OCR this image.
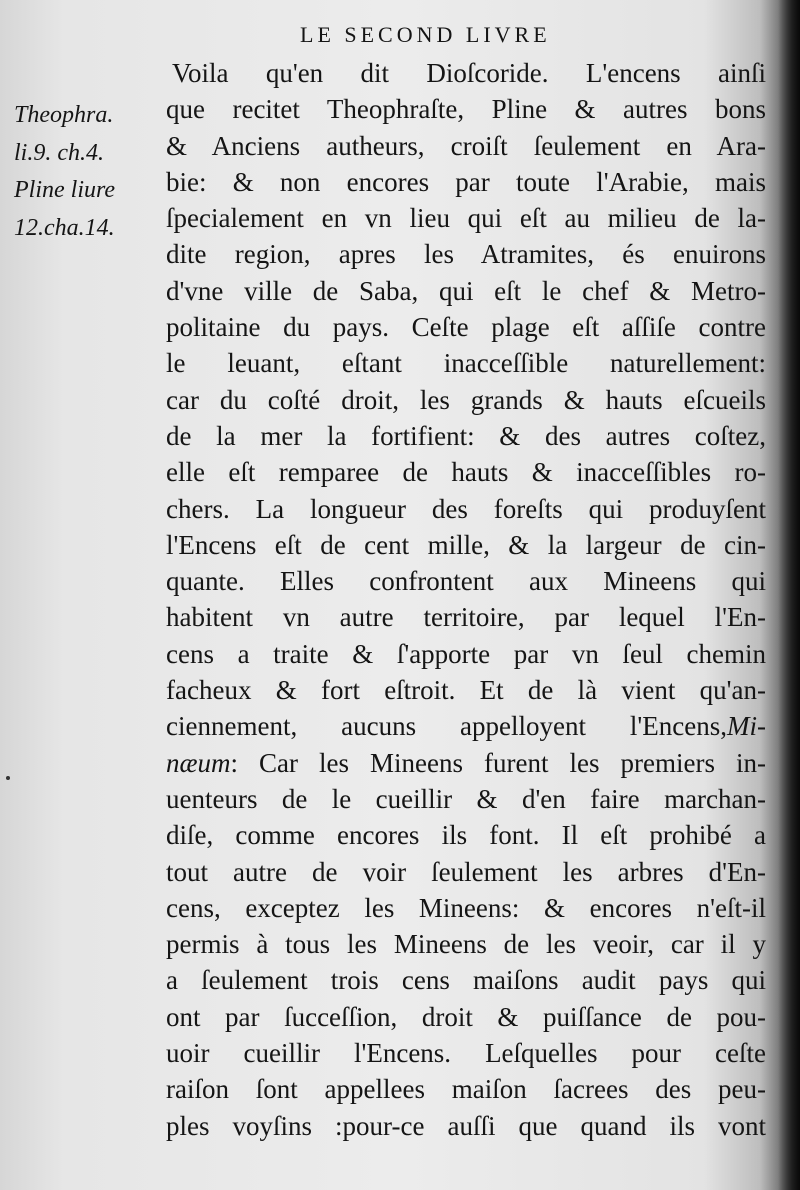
LE SECOND LIVRE
Theophra.
li.9. ch.4.
Pline liure
12.cha.14.
Voila qu'en dit Dioſcoride. L'encens ainſi
que recitet Theophraſte, Pline & autres bons
& Anciens autheurs, croiſt ſeulement en Ara-
bie: & non encores par toute l'Arabie, mais
ſpecialement en vn lieu qui eſt au milieu de la-
dite region, apres les Atramites, és enuirons
d'vne ville de Saba, qui eſt le chef & Metro-
politaine du pays. Ceſte plage eſt aſſiſe contre
le leuant, eſtant inacceſſible naturellement:
car du coſté droit, les grands & hauts eſcueils
de la mer la fortifient: & des autres coſtez,
elle eſt remparee de hauts & inacceſſibles ro-
chers. La longueur des foreſts qui produyſent
l'Encens eſt de cent mille, & la largeur de cin-
quante. Elles confrontent aux Mineens qui
habitent vn autre territoire, par lequel l'En-
cens a traite & ſ'apporte par vn ſeul chemin
facheux & fort eſtroit. Et de là vient qu'an-
ciennement, aucuns appelloyent l'Encens,Mi-
næum: Car les Mineens furent les premiers in-
uenteurs de le cueillir & d'en faire marchan-
diſe, comme encores ils font. Il eſt prohibé a
tout autre de voir ſeulement les arbres d'En-
cens, exceptez les Mineens: & encores n'eſt-il
permis à tous les Mineens de les veoir, car il y
a ſeulement trois cens maiſons audit pays qui
ont par ſucceſſion, droit & puiſſance de pou-
uoir cueillir l'Encens. Leſquelles pour ceſte
raiſon ſont appellees maiſon ſacrees des peu-
ples voyſins :pour-ce auſſi que quand ils vont
